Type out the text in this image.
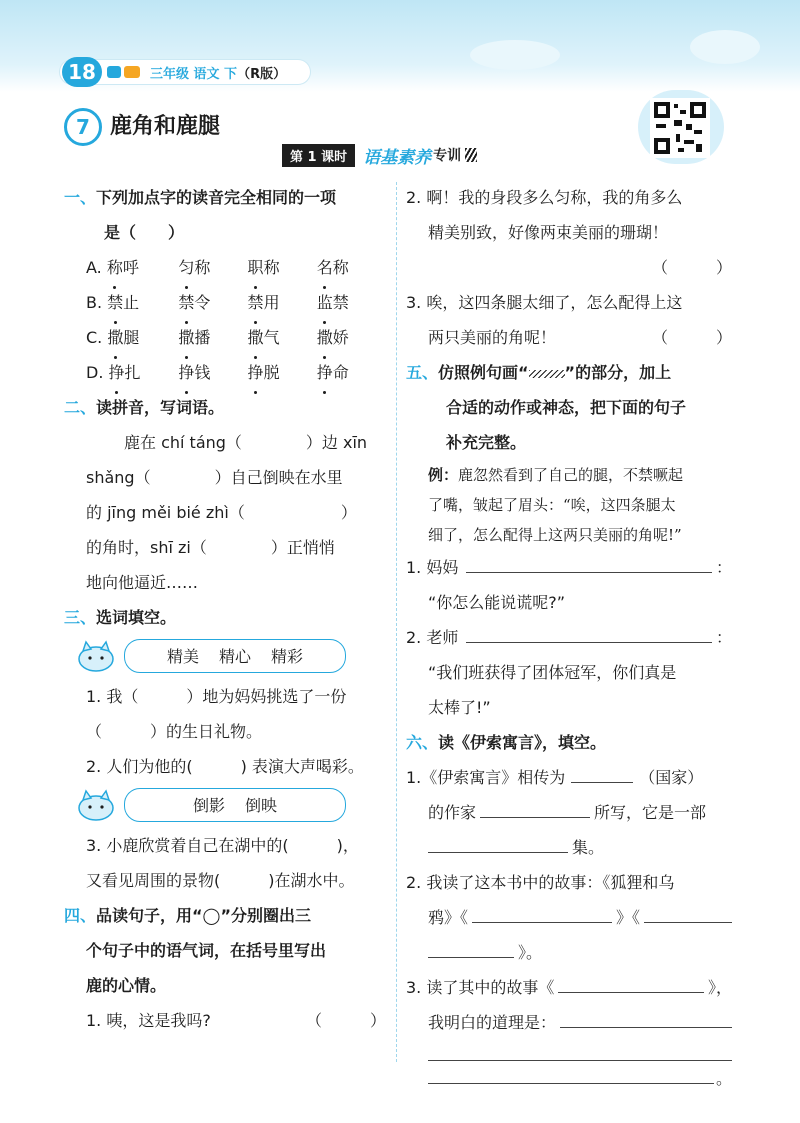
18	三年级 语文 下（R版）
7 鹿角和鹿腿
第 1 课时 语基素养 专训
一、下列加点字的读音完全相同的一项
是（　　）
A. 称呼	匀称	职称	名称
B. 禁止	禁令	禁用	监禁
C. 撒腿	撒播	撒气	撒娇
D. 挣扎	挣钱	挣脱	挣命
二、读拼音，写词语。
鹿在 chí táng（　　　　）边 xīn
shǎng（　　　　）自己倒映在水里
的 jīng měi bié zhì（　　　　　　）
的角时，shī zi（　　　　）正悄悄
地向他逼近……
三、选词填空。
精美 精心 精彩
1. 我（　　　）地为妈妈挑选了一份
（　　　）的生日礼物。
2. 人们为他的(　　　) 表演大声喝彩。
倒影 倒映
3. 小鹿欣赏着自己在湖中的(　　　)，
又看见周围的景物(　　　)在湖水中。
四、品读句子，用“◯”分别圈出三
个句子中的语气词，在括号里写出
鹿的心情。
1. 咦，这是我吗?	（　　　）
2. 啊！我的身段多么匀称，我的角多么
精美别致，好像两束美丽的珊瑚！
（　　　）
3. 唉，这四条腿太细了，怎么配得上这
两只美丽的角呢！	（　　　）
五、仿照例句画“ ”的部分，加上
合适的动作或神态，把下面的句子
补充完整。
例：鹿忽然看到了自己的腿，不禁噘起
了嘴，皱起了眉头：“唉，这四条腿太
细了，怎么配得上这两只美丽的角呢!”
1. 妈妈	：
“你怎么能说谎呢?”
2. 老师	：
“我们班获得了团体冠军，你们真是
太棒了!”
六、读《伊索寓言》，填空。
1.《伊索寓言》相传为	（国家）
的作家	所写，它是一部
集。
2. 我读了这本书中的故事：《狐狸和乌
鸦》《	》《
》。
3. 读了其中的故事《	》，
我明白的道理是：
。
